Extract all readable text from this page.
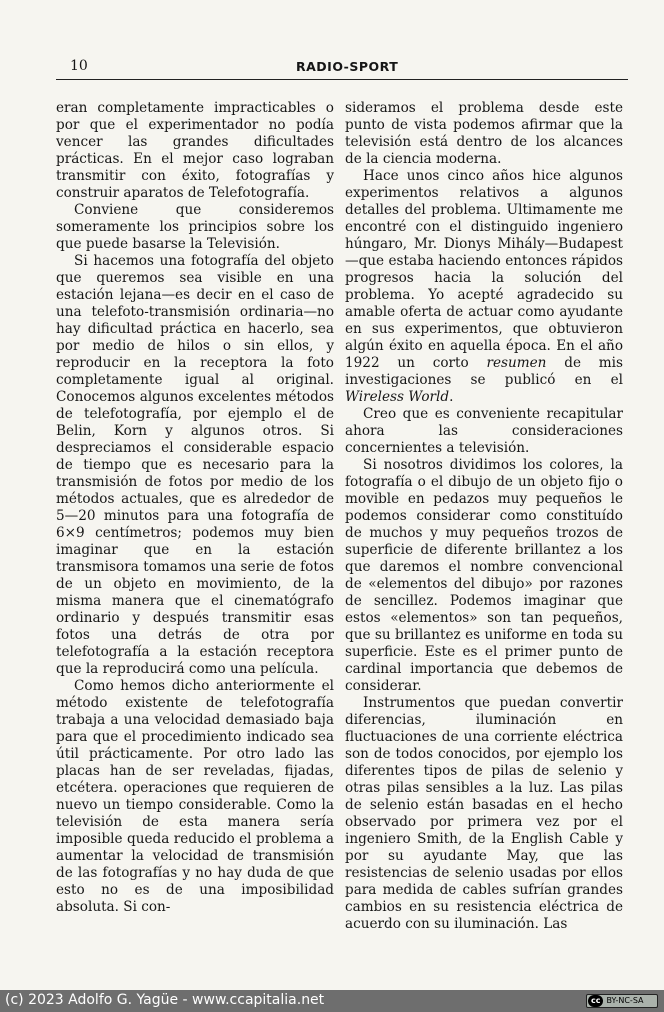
10	RADIO-SPORT

eran completamente impracticables o por que el experimentador no podía vencer las grandes dificultades prácticas. En el mejor caso lograban transmitir con éxito, fotografías y construir aparatos de Telefotografía.

Conviene que consideremos someramente los principios sobre los que puede basarse la Televisión.

Si hacemos una fotografía del objeto que queremos sea visible en una estación lejana—es decir en el caso de una telefoto-transmisión ordinaria—no hay dificultad práctica en hacerlo, sea por medio de hilos o sin ellos, y reproducir en la receptora la foto completamente igual al original. Conocemos algunos excelentes métodos de telefotografía, por ejemplo el de Belin, Korn y algunos otros. Si despreciamos el considerable espacio de tiempo que es necesario para la transmisión de fotos por medio de los métodos actuales, que es alrededor de 5—20 minutos para una fotografía de 6×9 centímetros; podemos muy bien imaginar que en la estación transmisora tomamos una serie de fotos de un objeto en movimiento, de la misma manera que el cinematógrafo ordinario y después transmitir esas fotos una detrás de otra por telefotografía a la estación receptora que la reproducirá como una película.

Como hemos dicho anteriormente el método existente de telefotografía trabaja a una velocidad demasiado baja para que el procedimiento indicado sea útil prácticamente. Por otro lado las placas han de ser reveladas, fijadas, etcétera. operaciones que requieren de nuevo un tiempo considerable. Como la televisión de esta manera sería imposible queda reducido el problema a aumentar la velocidad de transmisión de las fotografías y no hay duda de que esto no es de una imposibilidad absoluta. Si con-

sideramos el problema desde este punto de vista podemos afirmar que la televisión está dentro de los alcances de la ciencia moderna.

Hace unos cinco años hice algunos experimentos relativos a algunos detalles del problema. Ultimamente me encontré con el distinguido ingeniero húngaro, Mr. Dionys Mihály—Budapest—que estaba haciendo entonces rápidos progresos hacia la solución del problema. Yo acepté agradecido su amable oferta de actuar como ayudante en sus experimentos, que obtuvieron algún éxito en aquella época. En el año 1922 un corto resumen de mis investigaciones se publicó en el Wireless World.

Creo que es conveniente recapitular ahora las consideraciones concernientes a televisión.

Si nosotros dividimos los colores, la fotografía o el dibujo de un objeto fijo o movible en pedazos muy pequeños le podemos considerar como constituído de muchos y muy pequeños trozos de superficie de diferente brillantez a los que daremos el nombre convencional de «elementos del dibujo» por razones de sencillez. Podemos imaginar que estos «elementos» son tan pequeños, que su brillantez es uniforme en toda su superficie. Este es el primer punto de cardinal importancia que debemos de considerar.

Instrumentos que puedan convertir diferencias, iluminación en fluctuaciones de una corriente eléctrica son de todos conocidos, por ejemplo los diferentes tipos de pilas de selenio y otras pilas sensibles a la luz. Las pilas de selenio están basadas en el hecho observado por primera vez por el ingeniero Smith, de la English Cable y por su ayudante May, que las resistencias de selenio usadas por ellos para medida de cables sufrían grandes cambios en su resistencia eléctrica de acuerdo con su iluminación. Las

(c) 2023 Adolfo G. Yagüe - www.ccapitalia.net	cc BY-NC-SA
